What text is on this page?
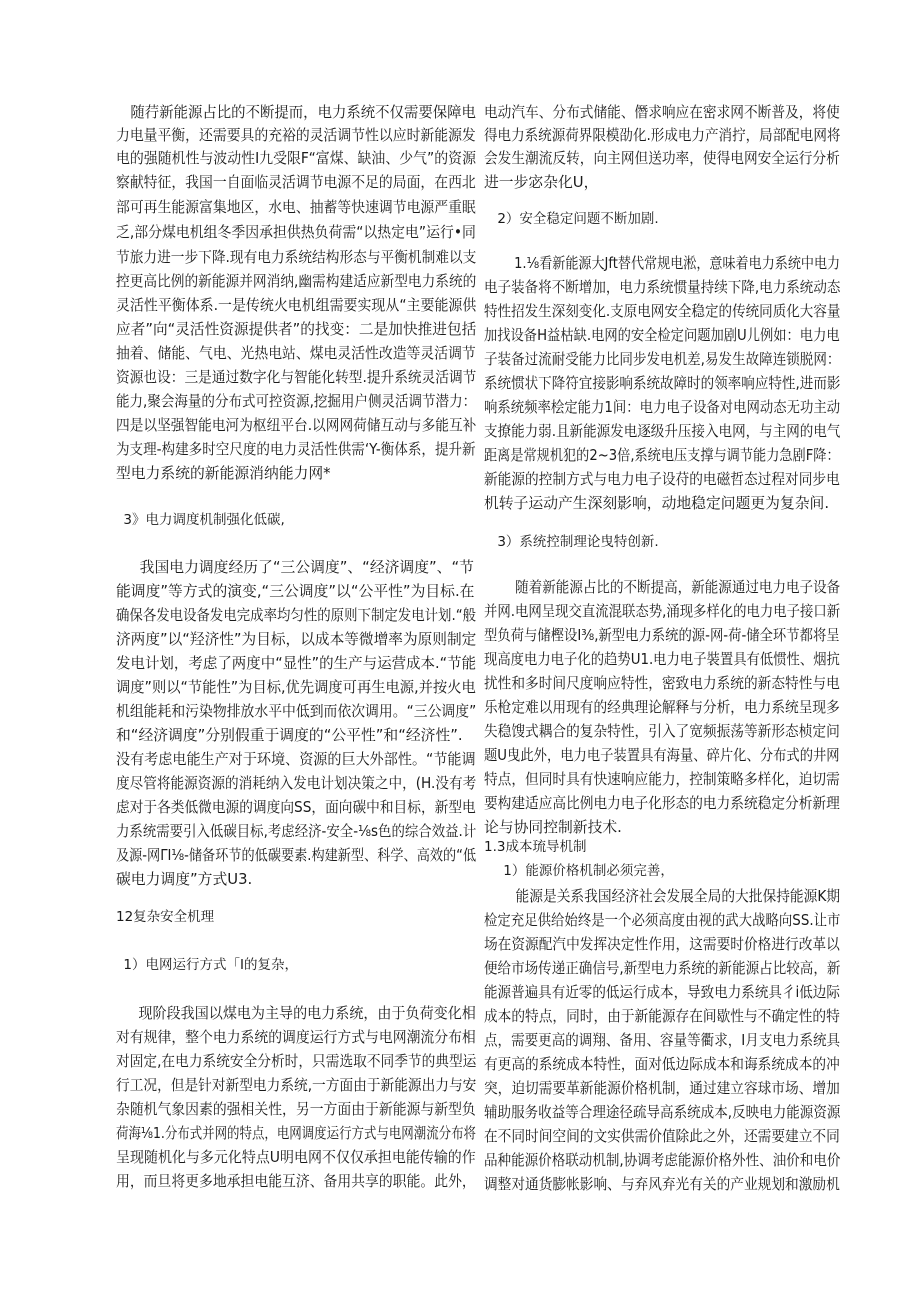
随荇新能源占比的不断提而，电力系统不仅需要保障电
力电量平衡，还需要具的充裕的灵活调节性以应时新能源发
电的强随机性与波动性I九受限F“富煤、缺油、少气”的资源
察献特征，我国一自面临灵活调节电源不足的局面，在西北
部可再生能源富集地区，水电、抽蓄等快速调节电源严重眠
乏,部分煤电机组冬季因承担供热负荷需“以热定电”运行•同
节旅力进一步下降.现有电力系统结构形态与平衡机制难以支
控更高比例的新能源并网消纳,幽需构建适应新型电力系统的
灵活性平衡体系.一是传统火电机组需要实现从“主要能源供
应者”向“灵活性资源提供者”的找变：二是加快推进包括
抽着、储能、气电、光热电站、煤电灵活性改造等灵活调节
资源也设：三是通过数字化与智能化转型.提升系统灵活调节
能力,聚会海量的分布式可控资源,挖掘用户侧灵活调节潜力：
四是以坚强智能电河为枢纽平台.以网网荷储互动与多能互补
为支理-构建多时空尺度的电力灵活性供需‘Y-衡体系，提升新
型电力系统的新能源消纳能力网*
3》电力调度机制强化低碳,
我国电力调度经历了“三公调度”、“经济调度”、“节
能调度”等方式的演变,“三公调度”以“公平性”为目标.在
确保各发电设备发电完成率均匀性的原则下制定发电计划.“般
济两度”以“羟济性”为目标，以成本等微增率为原则制定
发电计划，考虑了两度中“显性”的生产与运营成本.“节能
调度”则以“节能性”为目标,优先调度可再生电源,并按火电
机组能耗和污染物排放水平中低到而依次调用。“三公调度”
和“经济调度”分别假重于调度的“公平性”和“经济性”.
没有考虑电能生产对于环境、资源的巨大外部性。“节能调
度尽管将能源资源的消耗纳入发电计划决策之中，(H.没有考
虑对于各类低微电源的调度向SS，面向碳中和目标，新型电
力系统需要引入低碳目标,考虑经济-安全-⅛s色的综合效益.计
及源-网ΓI⅛-储备环节的低碳要素.构建新型、科学、高效的“低
碳电力调度”方式U3.
12复杂安全机理
1）电网运行方式「I的复杂，
现阶段我国以煤电为主导的电力系统，由于负荷变化相
对有规律，整个电力系统的调度运行方式与电网潮流分布相
对固定,在电力系统安全分析时，只需选取不同季节的典型运
行工况，但是针对新型电力系统,一方面由于新能源出力与安
杂随机气象因素的强相关性，另一方面由于新能源与新型负
荷海⅛1.分布式并网的特点，电网调度运行方式与电网潮流分布将
呈现随机化与多元化特点U明电网不仅仅承担电能传输的作
用，而旦将更多地承担电能互济、备用共享的职能。此外，
电动汽车、分布式储能、僭求响应在密求网不断普及，将使
得电力系统源荷界限模劭化.形成电力产消拧，局部配电网将
会发生潮流反转，向主网但送功率，使得电网安全运行分析
进一步宓杂化U，
2）安全稳定问题不断加剧.
1.⅛看新能源大Jft替代常规电淞，意味着电力系统中电力
电子装备将不断增加，电力系统惯量持续下降,电力系统动态
特性招发生深刻变化.支原电网安全稳定的传统同质化大容量
加找设备H益枯缺.电网的安全检定问题加剧U儿例如：电力电
子装备过流耐受能力比同步发电机差,易发生故障连锁脱网：
系统惯状下降符宜接影响系统故障时的领率响应特性,进而影
响系统频率桧定能力1间：电力电子设备对电网动态无功主动
支撩能力弱.且新能源发电逐级升压接入电网，与主网的电气
距离是常规机犯的2~3倍,系统电压支撑与调节能力急剧F降：
新能源的控制方式与电力电子设苻的电磁哲态过程对同步电
机转子运动产生深刻影响，动地稳定问题更为复杂间.
3）系统控制理论曳特创新.
随着新能源占比的不断提高，新能源通过电力电子设备
并网.电网呈现交直流混联态势,涌现多样化的电力电子接口新
型负荷与储樫设I⅜,新型电力系统的源-网-荷-储全环节都将呈
现高度电力电子化的趋势U1.电力电子裝置具有低惯性、烟抗
扰性和多时间尺度响应特性，密致电力系统的新态特性与电
乐枪定难以用现有的经典理论解释与分析，电力系统呈现多
失稳馊式耦合的复杂特性，引入了宽频振荡等新形态桢定问
题U曳此外，电力电子装置具有海量、碎片化、分布式的井网
特点，但同时具有快速响应能力，控制策略多样化，迫切需
要构建适应高比例电力电子化形态的电力系统稳定分析新理
论与协同控制新技术.
1.3成本琉导机制
1）能源价格机制必须完善，
能源是关系我国经济社会发展全局的大批保持能源K期
检定充足供给始终是一个必须高度由视的武大战略向SS.让市
场在资源配汽中发挥决定性作用，这需要时价格进行改革以
便给市场传递正确信号,新型电力系统的新能源占比较高，新
能源普遍具有近零的低运行成本，导致电力系统具彳i低边际
成本的特点，同时，由于新能源存在间歇性与不确定性的特
点，需要更高的调翔、备用、容量等衢求，I月支电力系统具
有更高的系统成本特性，面对低边际成本和诲系统成本的冲
突，迫切需要革新能源价格机制，通过建立容球市场、增加
辅助服务收益等合理途径疏导高系统成本,反映电力能源资源
在不同时间空间的文实供需价值除此之外，还需要建立不同
品种能源价格联动机制,协调考虑能源价格外性、油价和电价
调整对通货膨帐影响、与弃风弃光有关的产业规划和激励机
